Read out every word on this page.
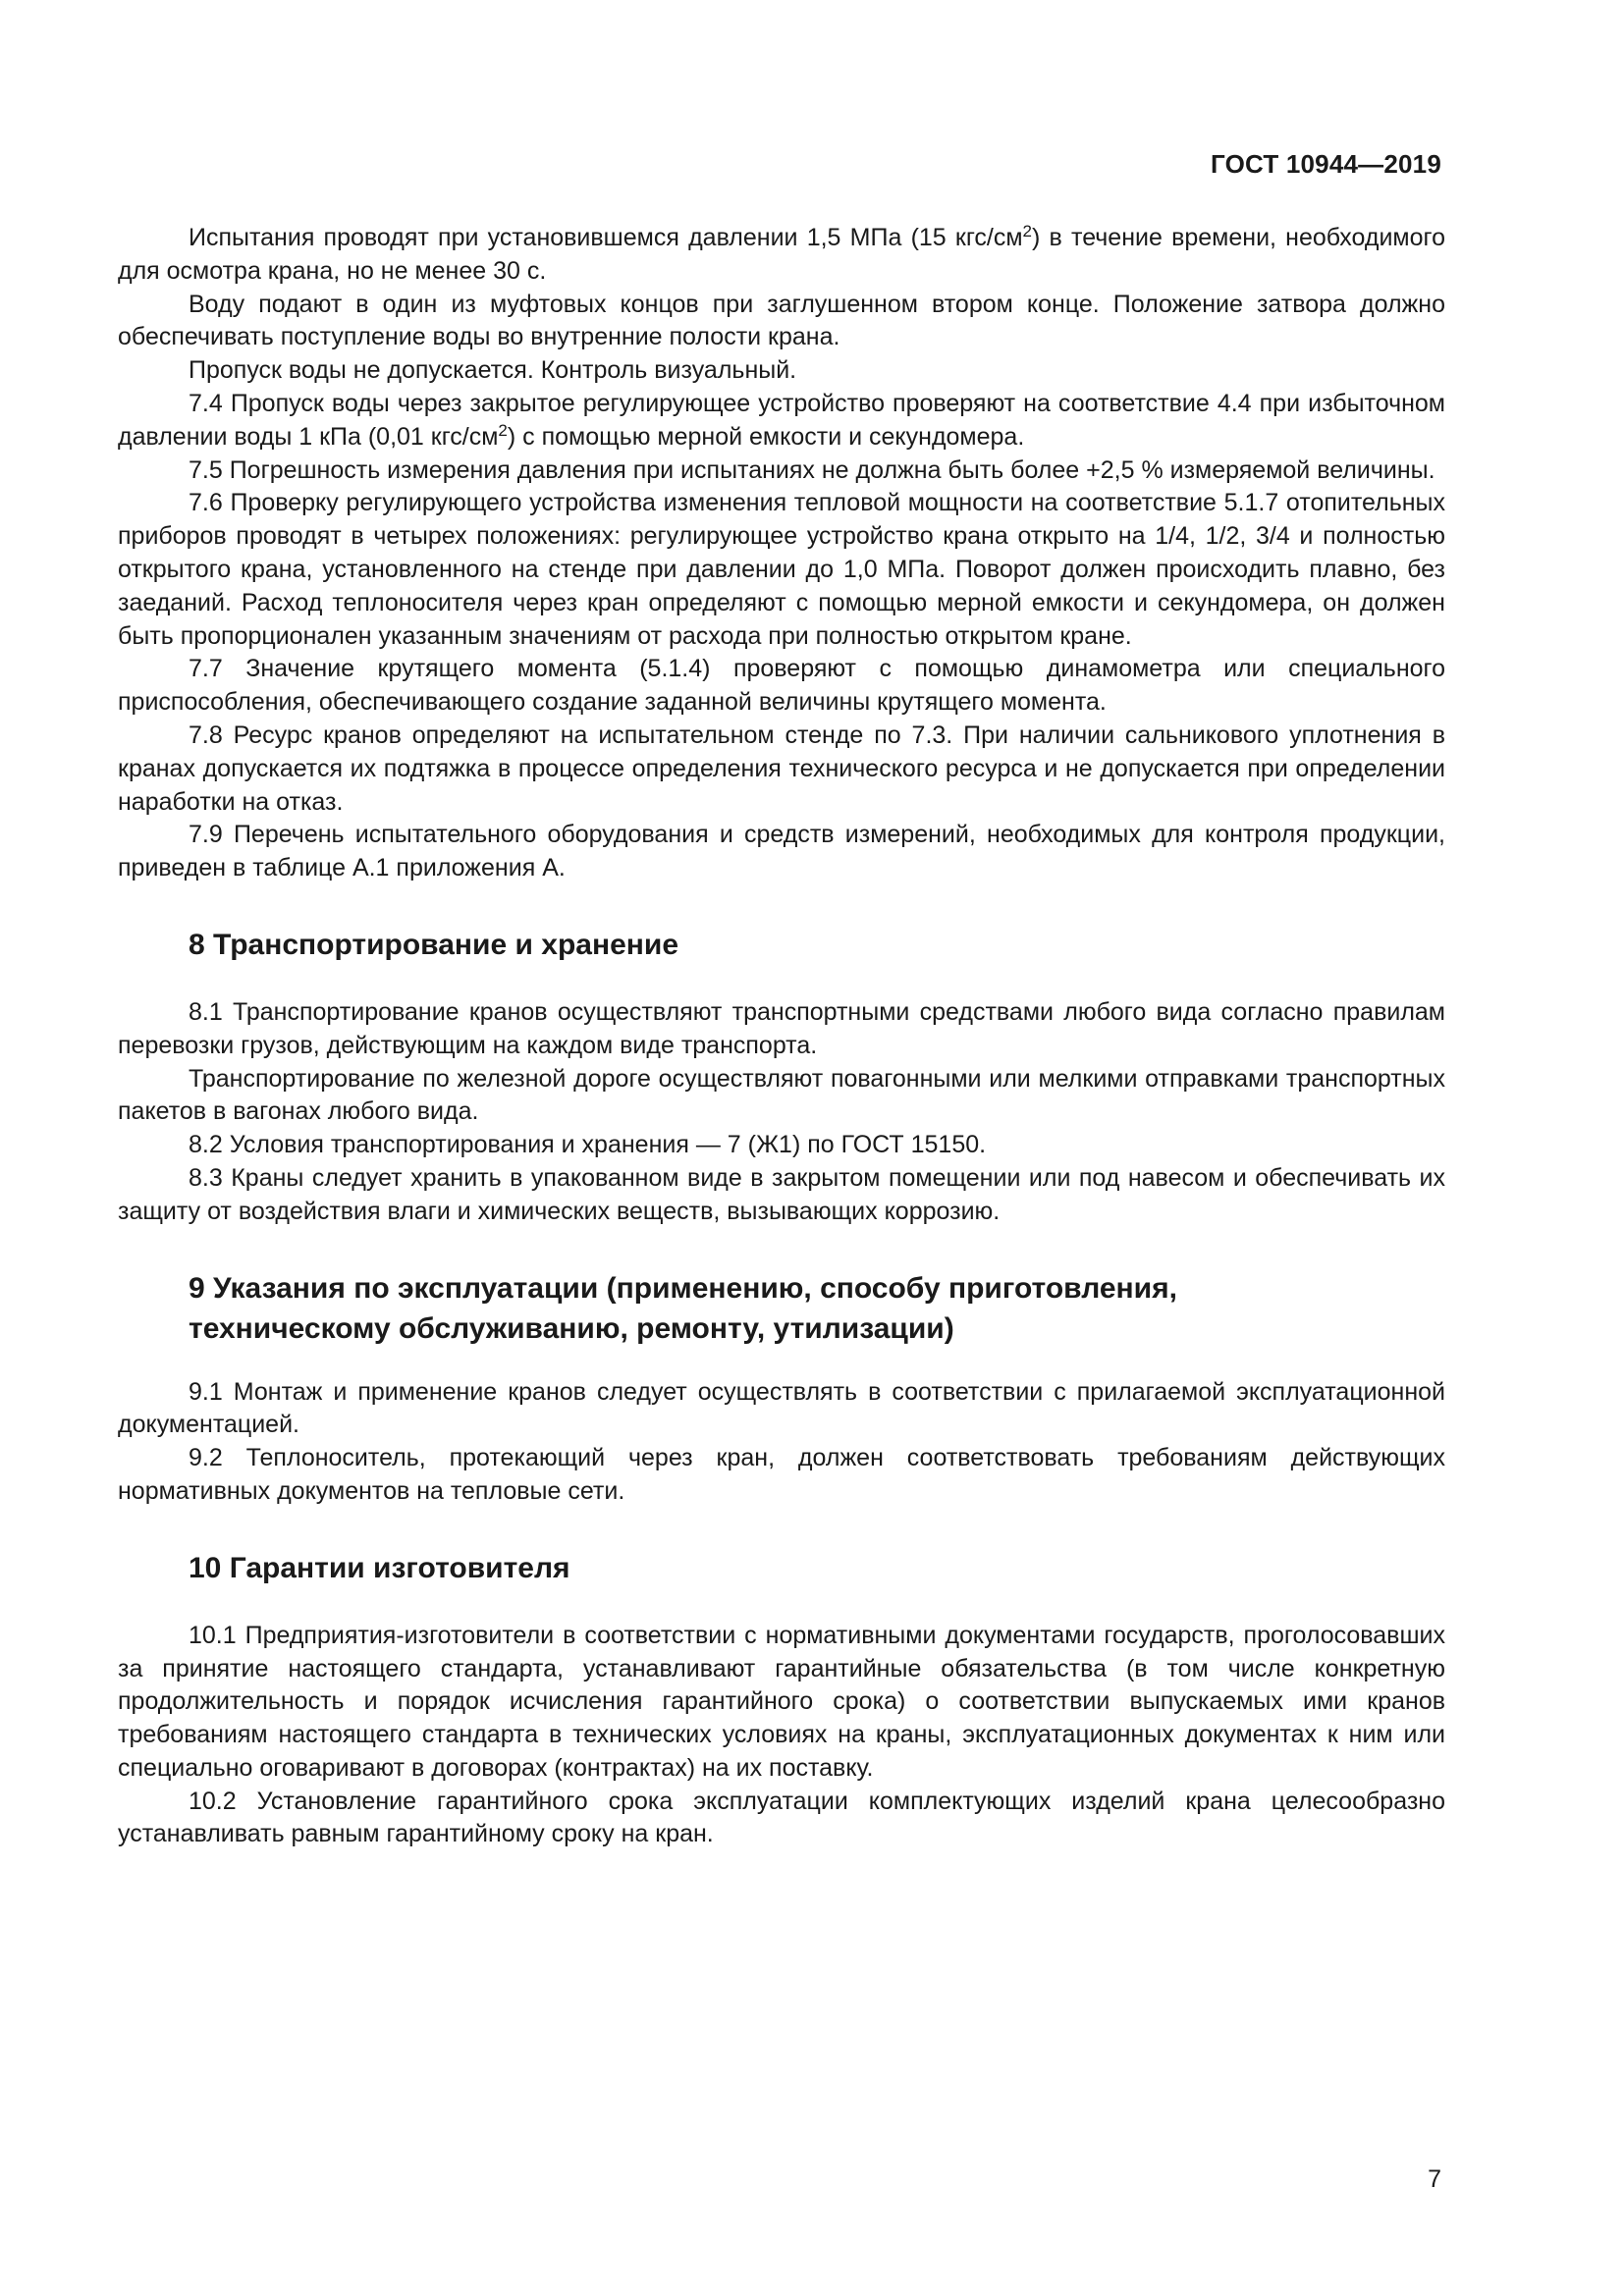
ГОСТ 10944—2019

Испытания проводят при установившемся давлении 1,5 МПа (15 кгс/$см^2$) в течение времени, необходимого для осмотра крана, но не менее 30 с.

Воду подают в один из муфтовых концов при заглушенном втором конце. Положение затвора должно обеспечивать поступление воды во внутренние полости крана.

Пропуск воды не допускается. Контроль визуальный.

7.4 Пропуск воды через закрытое регулирующее устройство проверяют на соответствие 4.4 при избыточном давлении воды 1 кПа (0,01 кгс/$см^2$) с помощью мерной емкости и секундомера.

7.5 Погрешность измерения давления при испытаниях не должна быть более +2,5 % измеряемой величины.

7.6 Проверку регулирующего устройства изменения тепловой мощности на соответствие 5.1.7 отопительных приборов проводят в четырех положениях: регулирующее устройство крана открыто на 1/4, 1/2, 3/4 и полностью открытого крана, установленного на стенде при давлении до 1,0 МПа. Поворот должен происходить плавно, без заеданий. Расход теплоносителя через кран определяют с помощью мерной емкости и секундомера, он должен быть пропорционален указанным значениям от расхода при полностью открытом кране.

7.7 Значение крутящего момента (5.1.4) проверяют с помощью динамометра или специального приспособления, обеспечивающего создание заданной величины крутящего момента.

7.8 Ресурс кранов определяют на испытательном стенде по 7.3. При наличии сальникового уплотнения в кранах допускается их подтяжка в процессе определения технического ресурса и не допускается при определении наработки на отказ.

7.9 Перечень испытательного оборудования и средств измерений, необходимых для контроля продукции, приведен в таблице А.1 приложения А.

8 Транспортирование и хранение

8.1 Транспортирование кранов осуществляют транспортными средствами любого вида согласно правилам перевозки грузов, действующим на каждом виде транспорта.

Транспортирование по железной дороге осуществляют повагонными или мелкими отправками транспортных пакетов в вагонах любого вида.

8.2 Условия транспортирования и хранения — 7 (Ж1) по ГОСТ 15150.

8.3 Краны следует хранить в упакованном виде в закрытом помещении или под навесом и обеспечивать их защиту от воздействия влаги и химических веществ, вызывающих коррозию.

9 Указания по эксплуатации (применению, способу приготовления,
техническому обслуживанию, ремонту, утилизации)

9.1 Монтаж и применение кранов следует осуществлять в соответствии с прилагаемой эксплуатационной документацией.

9.2 Теплоноситель, протекающий через кран, должен соответствовать требованиям действующих нормативных документов на тепловые сети.

10 Гарантии изготовителя

10.1 Предприятия-изготовители в соответствии с нормативными документами государств, проголосовавших за принятие настоящего стандарта, устанавливают гарантийные обязательства (в том числе конкретную продолжительность и порядок исчисления гарантийного срока) о соответствии выпускаемых ими кранов требованиям настоящего стандарта в технических условиях на краны, эксплуатационных документах к ним или специально оговаривают в договорах (контрактах) на их поставку.

10.2 Установление гарантийного срока эксплуатации комплектующих изделий крана целесообразно устанавливать равным гарантийному сроку на кран.

7
